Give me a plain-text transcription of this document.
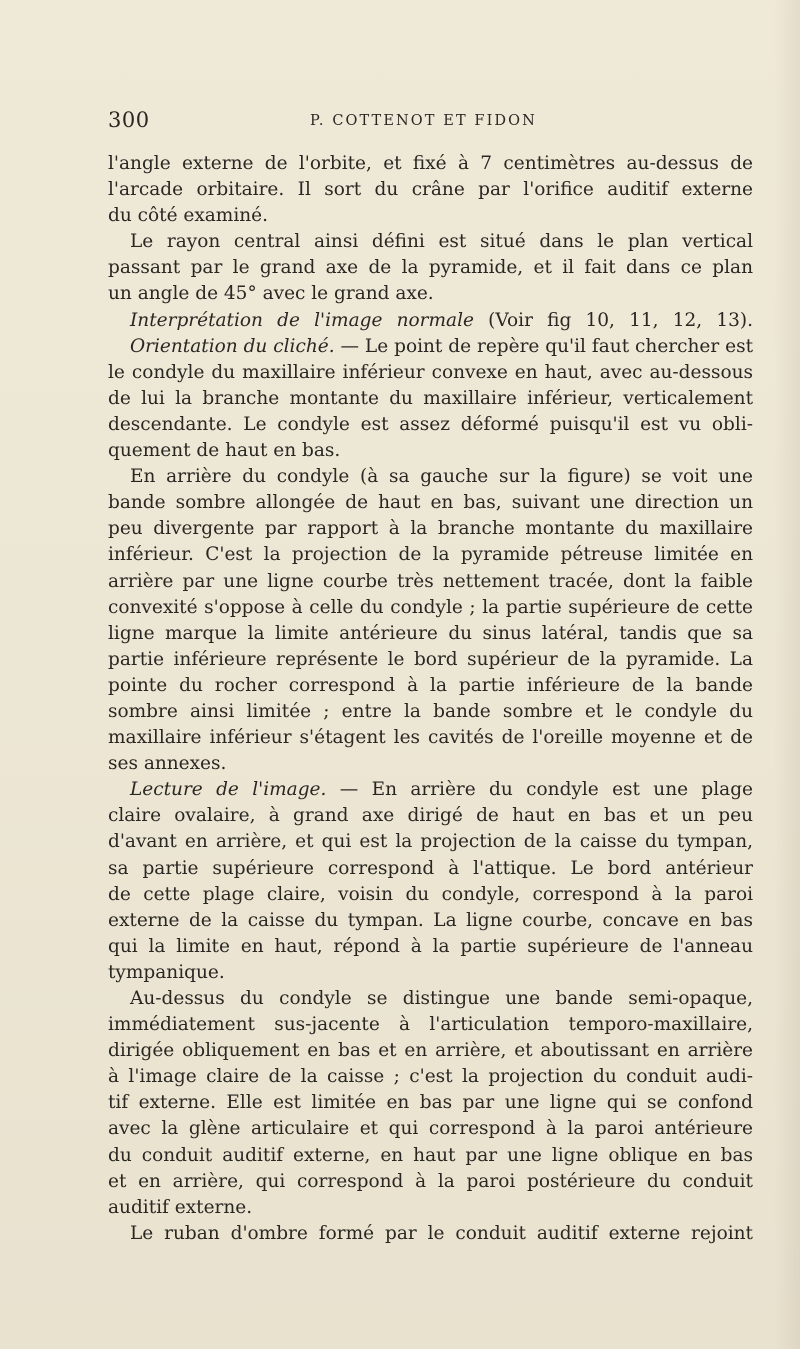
300	P. COTTENOT ET FIDON
l'angle externe de l'orbite, et fixé à 7 centimètres au-dessus de
l'arcade orbitaire. Il sort du crâne par l'orifice auditif externe
du côté examiné.
Le rayon central ainsi défini est situé dans le plan vertical
passant par le grand axe de la pyramide, et il fait dans ce plan
un angle de 45° avec le grand axe.
Interprétation de l'image normale (Voir fig 10, 11, 12, 13).
Orientation du cliché. — Le point de repère qu'il faut chercher est
le condyle du maxillaire inférieur convexe en haut, avec au-dessous
de lui la branche montante du maxillaire inférieur, verticalement
descendante. Le condyle est assez déformé puisqu'il est vu obli-
quement de haut en bas.
En arrière du condyle (à sa gauche sur la figure) se voit une
bande sombre allongée de haut en bas, suivant une direction un
peu divergente par rapport à la branche montante du maxillaire
inférieur. C'est la projection de la pyramide pétreuse limitée en
arrière par une ligne courbe très nettement tracée, dont la faible
convexité s'oppose à celle du condyle ; la partie supérieure de cette
ligne marque la limite antérieure du sinus latéral, tandis que sa
partie inférieure représente le bord supérieur de la pyramide. La
pointe du rocher correspond à la partie inférieure de la bande
sombre ainsi limitée ; entre la bande sombre et le condyle du
maxillaire inférieur s'étagent les cavités de l'oreille moyenne et de
ses annexes.
Lecture de l'image. — En arrière du condyle est une plage
claire ovalaire, à grand axe dirigé de haut en bas et un peu
d'avant en arrière, et qui est la projection de la caisse du tympan,
sa partie supérieure correspond à l'attique. Le bord antérieur
de cette plage claire, voisin du condyle, correspond à la paroi
externe de la caisse du tympan. La ligne courbe, concave en bas
qui la limite en haut, répond à la partie supérieure de l'anneau
tympanique.
Au-dessus du condyle se distingue une bande semi-opaque,
immédiatement sus-jacente à l'articulation temporo-maxillaire,
dirigée obliquement en bas et en arrière, et aboutissant en arrière
à l'image claire de la caisse ; c'est la projection du conduit audi-
tif externe. Elle est limitée en bas par une ligne qui se confond
avec la glène articulaire et qui correspond à la paroi antérieure
du conduit auditif externe, en haut par une ligne oblique en bas
et en arrière, qui correspond à la paroi postérieure du conduit
auditif externe.
Le ruban d'ombre formé par le conduit auditif externe rejoint
